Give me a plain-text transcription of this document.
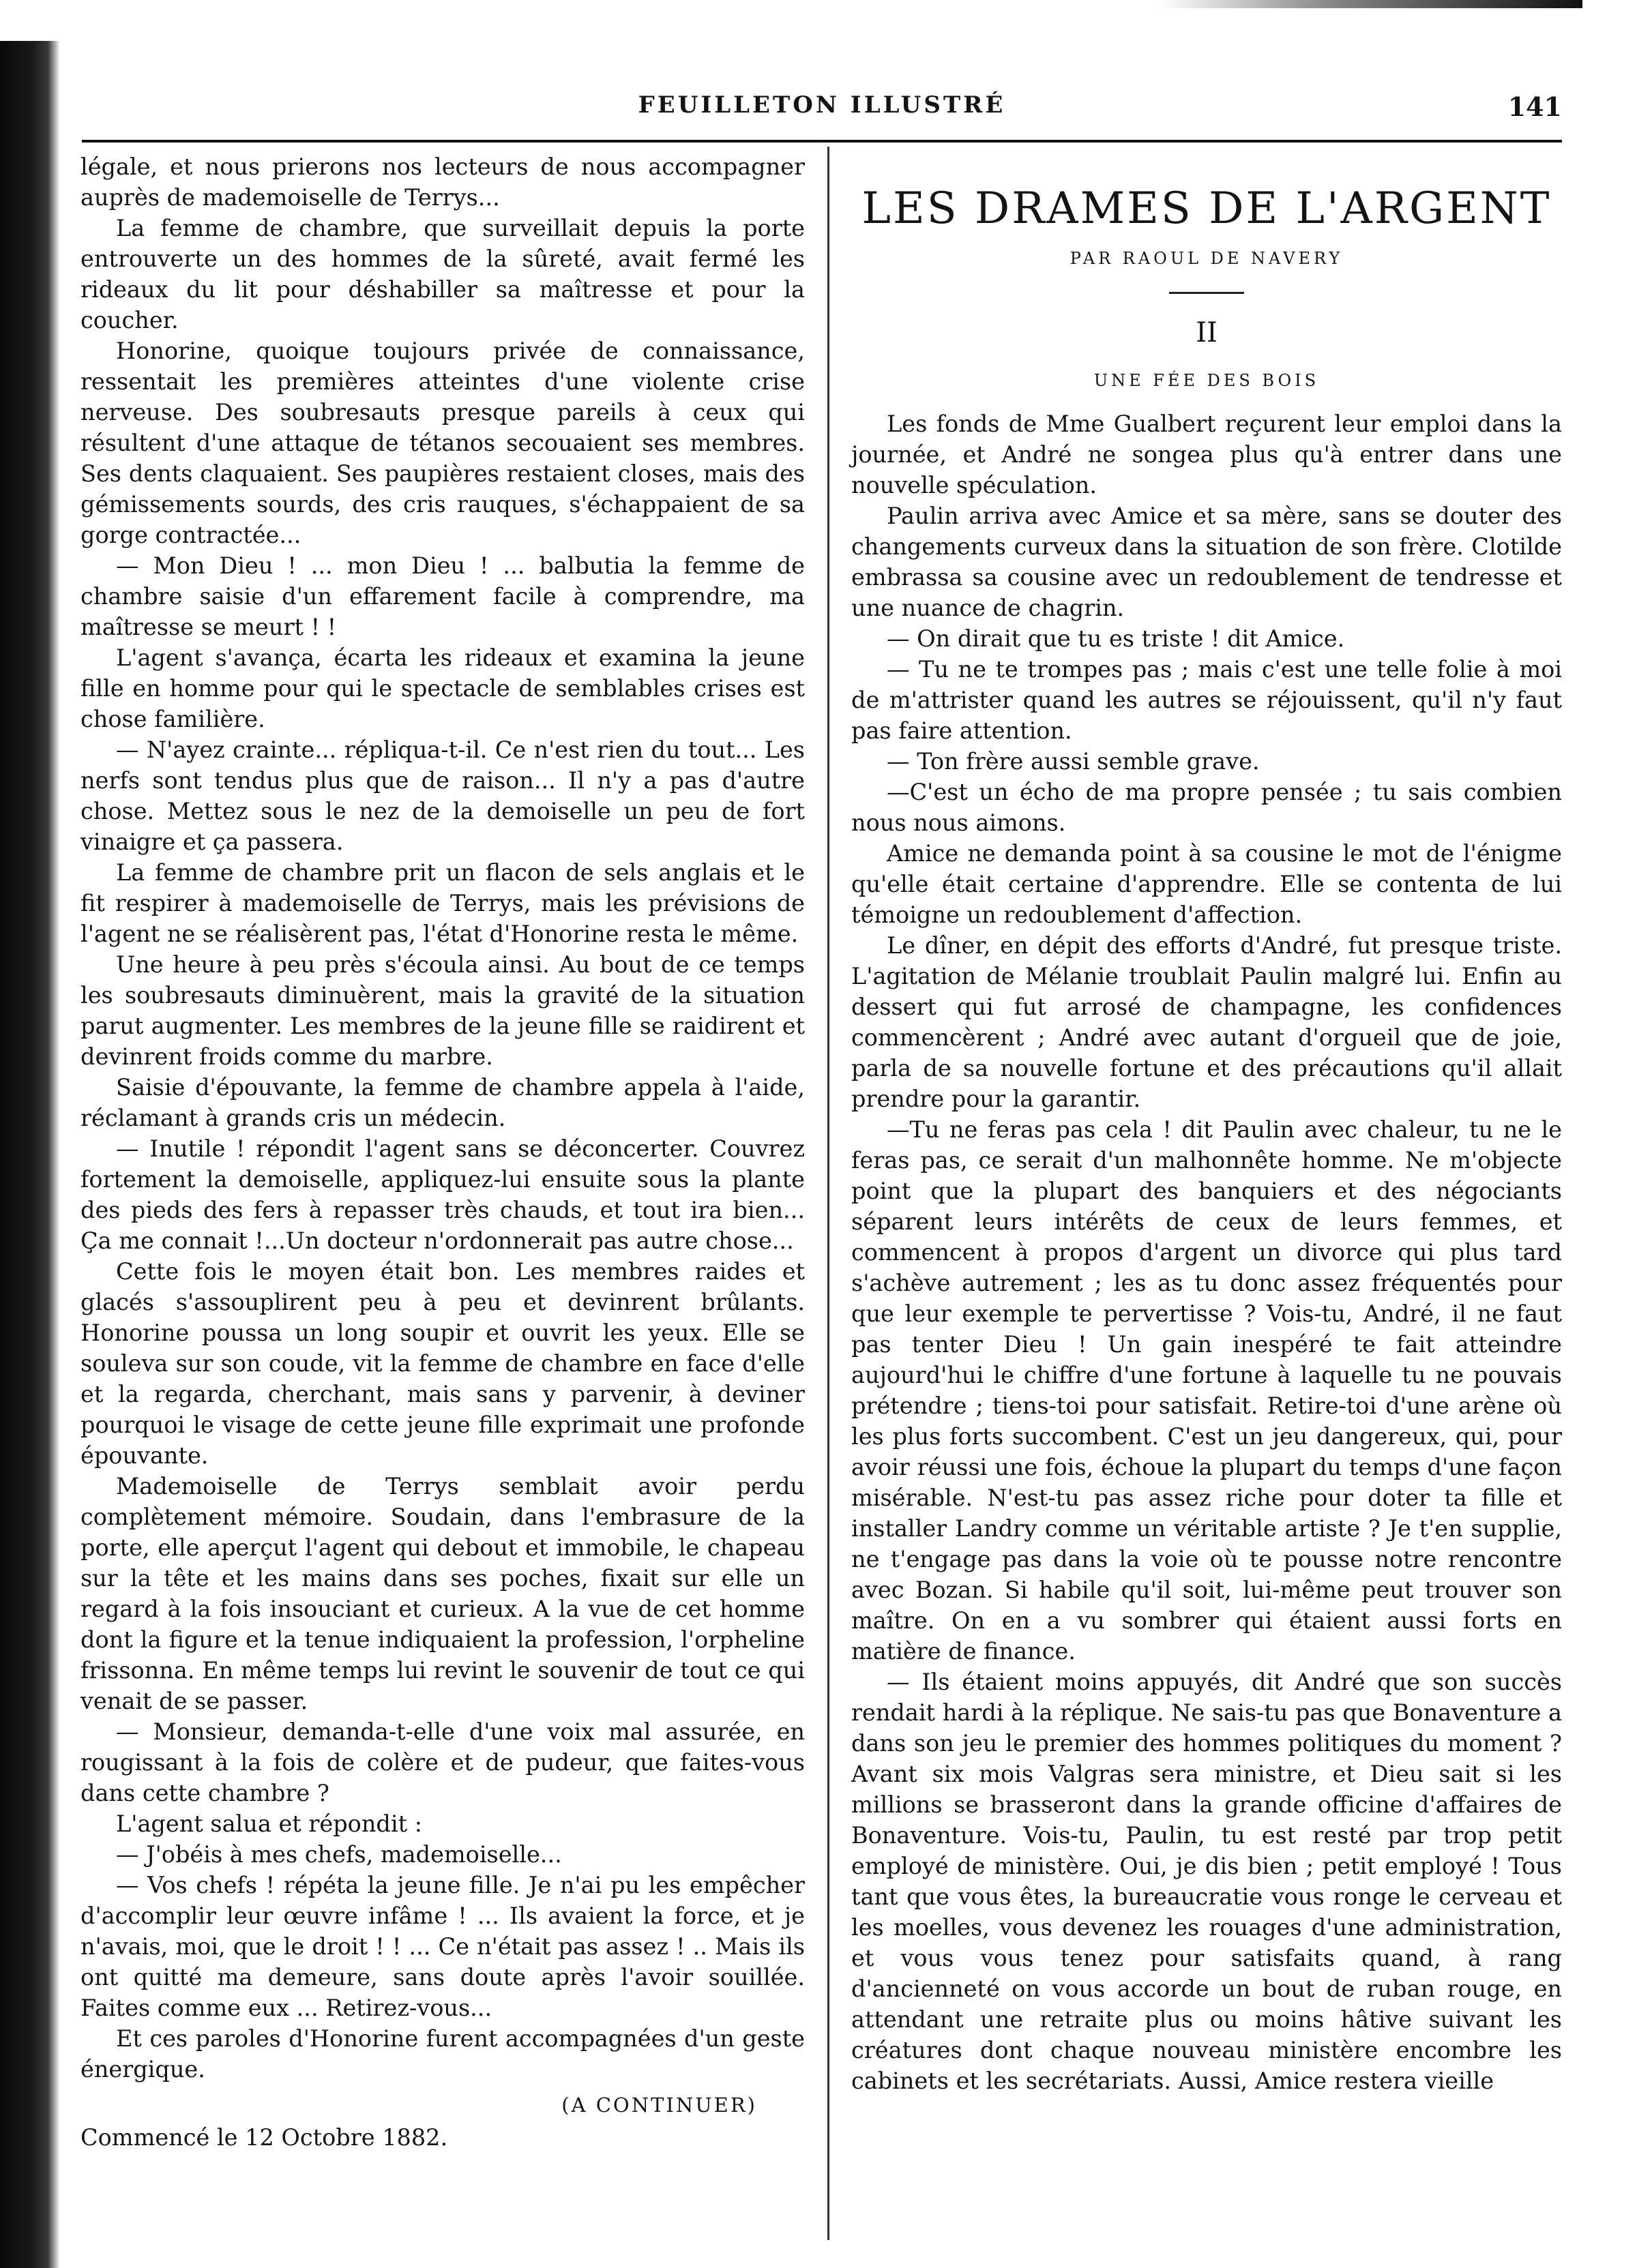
FEUILLETON ILLUSTRÉ	141

légale, et nous prierons nos lecteurs de nous accompagner auprès de mademoiselle de Terrys...

La femme de chambre, que surveillait depuis la porte entrouverte un des hommes de la sûreté, avait fermé les rideaux du lit pour déshabiller sa maîtresse et pour la coucher.

Honorine, quoique toujours privée de connaissance, ressentait les premières atteintes d'une violente crise nerveuse. Des soubresauts presque pareils à ceux qui résultent d'une attaque de tétanos secouaient ses membres. Ses dents claquaient. Ses paupières restaient closes, mais des gémissements sourds, des cris rauques, s'échappaient de sa gorge contractée...

— Mon Dieu ! ... mon Dieu ! ... balbutia la femme de chambre saisie d'un effarement facile à comprendre, ma maîtresse se meurt ! !

L'agent s'avança, écarta les rideaux et examina la jeune fille en homme pour qui le spectacle de semblables crises est chose familière.

— N'ayez crainte... répliqua-t-il. Ce n'est rien du tout... Les nerfs sont tendus plus que de raison... Il n'y a pas d'autre chose. Mettez sous le nez de la demoiselle un peu de fort vinaigre et ça passera.

La femme de chambre prit un flacon de sels anglais et le fit respirer à mademoiselle de Terrys, mais les prévisions de l'agent ne se réalisèrent pas, l'état d'Honorine resta le même.

Une heure à peu près s'écoula ainsi. Au bout de ce temps les soubresauts diminuèrent, mais la gravité de la situation parut augmenter. Les membres de la jeune fille se raidirent et devinrent froids comme du marbre.

Saisie d'épouvante, la femme de chambre appela à l'aide, réclamant à grands cris un médecin.

— Inutile ! répondit l'agent sans se déconcerter. Couvrez fortement la demoiselle, appliquez-lui ensuite sous la plante des pieds des fers à repasser très chauds, et tout ira bien... Ça me connait !...Un docteur n'ordonnerait pas autre chose...

Cette fois le moyen était bon. Les membres raides et glacés s'assouplirent peu à peu et devinrent brûlants. Honorine poussa un long soupir et ouvrit les yeux. Elle se souleva sur son coude, vit la femme de chambre en face d'elle et la regarda, cherchant, mais sans y parvenir, à deviner pourquoi le visage de cette jeune fille exprimait une profonde épouvante.

Mademoiselle de Terrys semblait avoir perdu complètement mémoire. Soudain, dans l'embrasure de la porte, elle aperçut l'agent qui debout et immobile, le chapeau sur la tête et les mains dans ses poches, fixait sur elle un regard à la fois insouciant et curieux. A la vue de cet homme dont la figure et la tenue indiquaient la profession, l'orpheline frissonna. En même temps lui revint le souvenir de tout ce qui venait de se passer.

— Monsieur, demanda-t-elle d'une voix mal assurée, en rougissant à la fois de colère et de pudeur, que faites-vous dans cette chambre ?

L'agent salua et répondit :

— J'obéis à mes chefs, mademoiselle...

— Vos chefs ! répéta la jeune fille. Je n'ai pu les empêcher d'accomplir leur œuvre infâme ! ... Ils avaient la force, et je n'avais, moi, que le droit ! ! ... Ce n'était pas assez ! .. Mais ils ont quitté ma demeure, sans doute après l'avoir souillée. Faites comme eux ... Retirez-vous...

Et ces paroles d'Honorine furent accompagnées d'un geste énergique.

(A CONTINUER)
Commencé le 12 Octobre 1882.
LES DRAMES DE L'ARGENT
PAR RAOUL DE NAVERY
II
UNE FÉE DES BOIS

Les fonds de Mme Gualbert reçurent leur emploi dans la journée, et André ne songea plus qu'à entrer dans une nouvelle spéculation.

Paulin arriva avec Amice et sa mère, sans se douter des changements curveux dans la situation de son frère. Clotilde embrassa sa cousine avec un redoublement de tendresse et une nuance de chagrin.

— On dirait que tu es triste ! dit Amice.

— Tu ne te trompes pas ; mais c'est une telle folie à moi de m'attrister quand les autres se réjouissent, qu'il n'y faut pas faire attention.

— Ton frère aussi semble grave.

—C'est un écho de ma propre pensée ; tu sais combien nous nous aimons.

Amice ne demanda point à sa cousine le mot de l'énigme qu'elle était certaine d'apprendre. Elle se contenta de lui témoigne un redoublement d'affection.

Le dîner, en dépit des efforts d'André, fut presque triste. L'agitation de Mélanie troublait Paulin malgré lui. Enfin au dessert qui fut arrosé de champagne, les confidences commencèrent ; André avec autant d'orgueil que de joie, parla de sa nouvelle fortune et des précautions qu'il allait prendre pour la garantir.

—Tu ne feras pas cela ! dit Paulin avec chaleur, tu ne le feras pas, ce serait d'un malhonnête homme. Ne m'objecte point que la plupart des banquiers et des négociants séparent leurs intérêts de ceux de leurs femmes, et commencent à propos d'argent un divorce qui plus tard s'achève autrement ; les as tu donc assez fréquentés pour que leur exemple te pervertisse ? Vois-tu, André, il ne faut pas tenter Dieu ! Un gain inespéré te fait atteindre aujourd'hui le chiffre d'une fortune à laquelle tu ne pouvais prétendre ; tiens-toi pour satisfait. Retire-toi d'une arène où les plus forts succombent. C'est un jeu dangereux, qui, pour avoir réussi une fois, échoue la plupart du temps d'une façon misérable. N'est-tu pas assez riche pour doter ta fille et installer Landry comme un véritable artiste ? Je t'en supplie, ne t'engage pas dans la voie où te pousse notre rencontre avec Bozan. Si habile qu'il soit, lui-même peut trouver son maître. On en a vu sombrer qui étaient aussi forts en matière de finance.

— Ils étaient moins appuyés, dit André que son succès rendait hardi à la réplique. Ne sais-tu pas que Bonaventure a dans son jeu le premier des hommes politiques du moment ? Avant six mois Valgras sera ministre, et Dieu sait si les millions se brasseront dans la grande officine d'affaires de Bonaventure. Vois-tu, Paulin, tu est resté par trop petit employé de ministère. Oui, je dis bien ; petit employé ! Tous tant que vous êtes, la bureaucratie vous ronge le cerveau et les moelles, vous devenez les rouages d'une administration, et vous vous tenez pour satisfaits quand, à rang d'ancienneté on vous accorde un bout de ruban rouge, en attendant une retraite plus ou moins hâtive suivant les créatures dont chaque nouveau ministère encombre les cabinets et les secrétariats. Aussi, Amice restera vieille
